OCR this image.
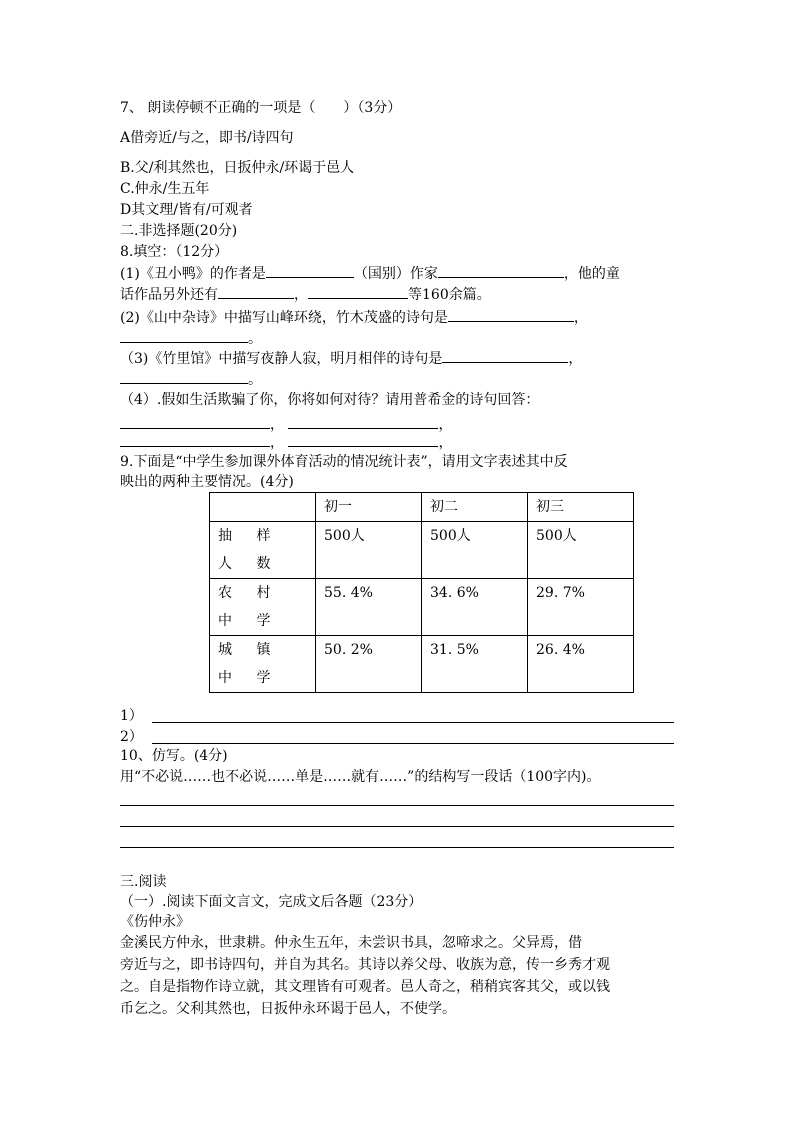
7、 朗读停顿不正确的一项是（　　）（3分）
A借旁近/与之，即书/诗四句
B.父/利其然也，日扳仲永/环谒于邑人
C.仲永/生五年
D其文理/皆有/可观者
二.非选择题(20分)
8.填空：（12分）
(1)《丑小鸭》的作者是	（国别）作家	，他的童
话作品另外还有	，	等160余篇。
(2)《山中杂诗》中描写山峰环绕，竹木茂盛的诗句是	，
。
（3)《竹里馆》中描写夜静人寂，明月相伴的诗句是	，
。
（4）.假如生活欺骗了你，你将如何对待？请用普希金的诗句回答：
，	，
，	，
9.下面是“中学生参加课外体育活动的情况统计表”，请用文字表述其中反
映出的两种主要情况。(4分)
	初一	初二	初三
抽 样 人 数	500人	500人	500人
农 村 中 学	55. 4%	34. 6%	29. 7%
城 镇 中 学	50. 2%	31. 5%	26. 4%
1）
2）
10、仿写。(4分)
用“不必说……也不必说……单是……就有……”的结构写一段话（100字内)。
三.阅读
（一）.阅读下面文言文，完成文后各题（23分）
《伤仲永》
金溪民方仲永，世隶耕。仲永生五年，未尝识书具，忽啼求之。父异焉，借
旁近与之，即书诗四句，并自为其名。其诗以养父母、收族为意，传一乡秀才观
之。自是指物作诗立就，其文理皆有可观者。邑人奇之，稍稍宾客其父，或以钱
币乞之。父利其然也，日扳仲永环谒于邑人，不使学。
